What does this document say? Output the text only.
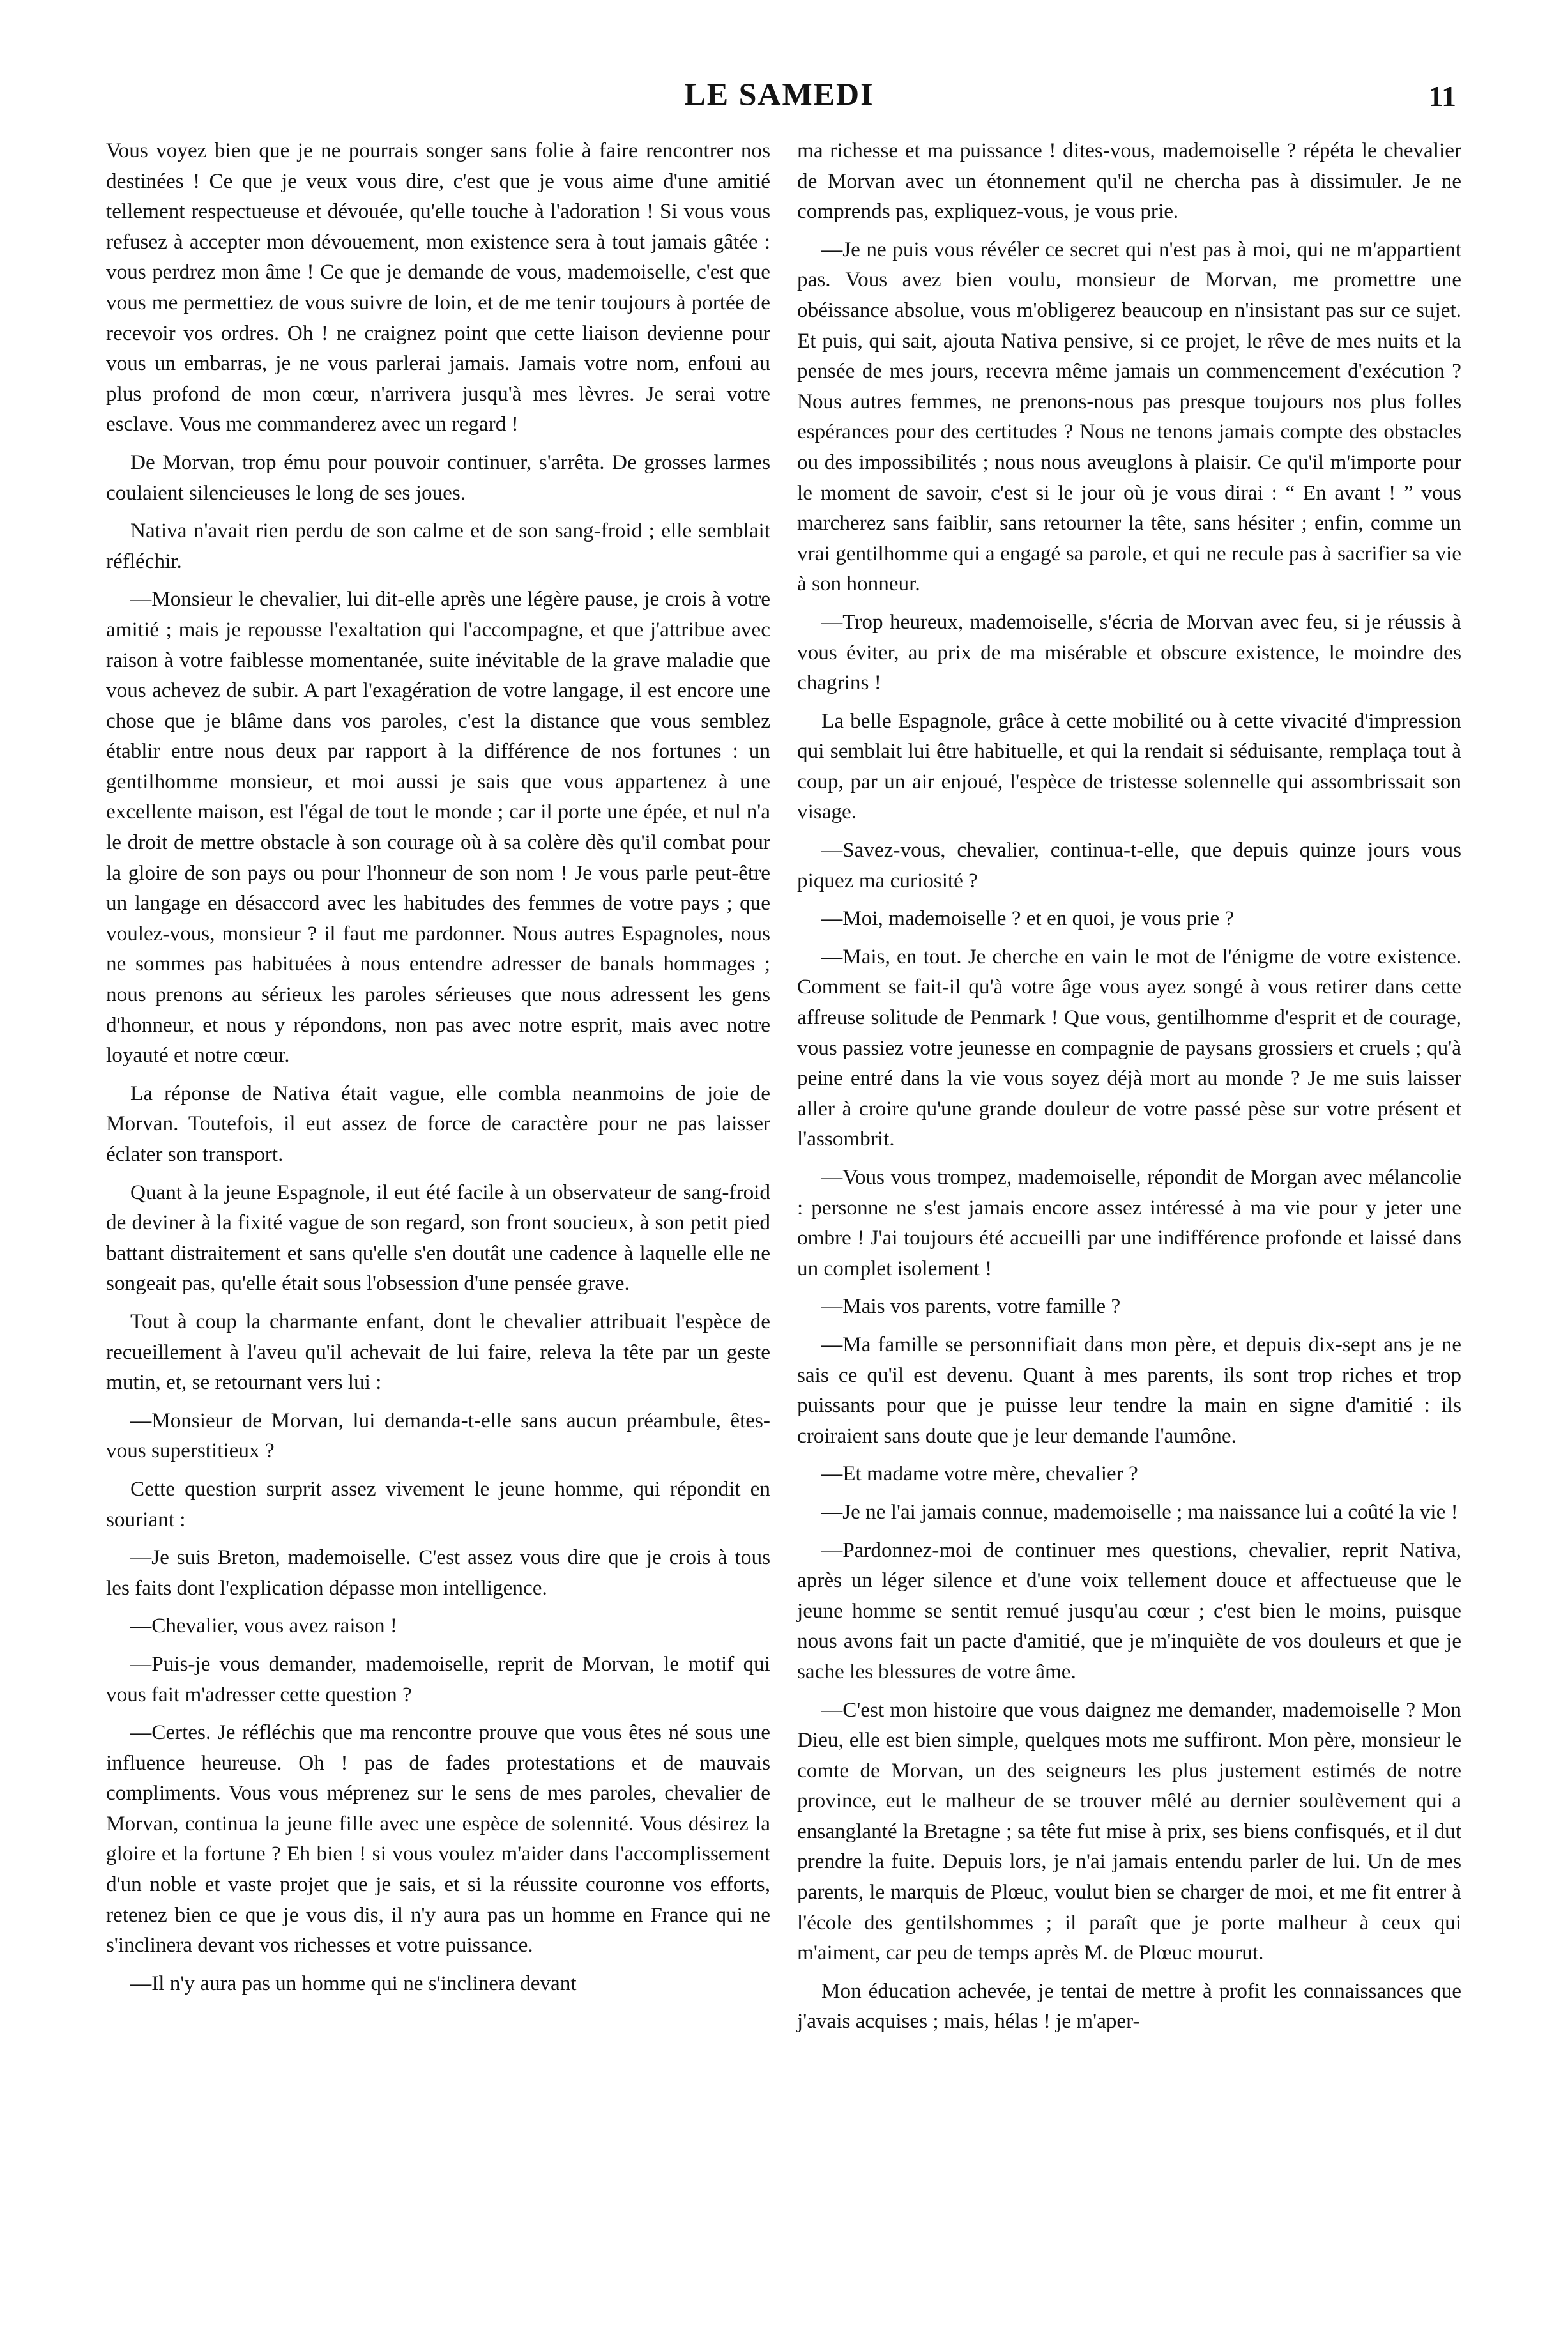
LE SAMEDI	11

Vous voyez bien que je ne pourrais songer sans folie à faire rencontrer nos destinées ! Ce que je veux vous dire, c'est que je vous aime d'une amitié tellement respectueuse et dévouée, qu'elle touche à l'adoration ! Si vous vous refusez à accepter mon dévouement, mon existence sera à tout jamais gâtée : vous perdrez mon âme ! Ce que je demande de vous, mademoiselle, c'est que vous me permettiez de vous suivre de loin, et de me tenir toujours à portée de recevoir vos ordres. Oh ! ne craignez point que cette liaison devienne pour vous un embarras, je ne vous parlerai jamais. Jamais votre nom, enfoui au plus profond de mon cœur, n'arrivera jusqu'à mes lèvres. Je serai votre esclave. Vous me commanderez avec un regard !

De Morvan, trop ému pour pouvoir continuer, s'arrêta. De grosses larmes coulaient silencieuses le long de ses joues.

Nativa n'avait rien perdu de son calme et de son sang-froid ; elle semblait réfléchir.

—Monsieur le chevalier, lui dit-elle après une légère pause, je crois à votre amitié ; mais je repousse l'exaltation qui l'accompagne, et que j'attribue avec raison à votre faiblesse momentanée, suite inévitable de la grave maladie que vous achevez de subir. A part l'exagération de votre langage, il est encore une chose que je blâme dans vos paroles, c'est la distance que vous semblez établir entre nous deux par rapport à la différence de nos fortunes : un gentilhomme monsieur, et moi aussi je sais que vous appartenez à une excellente maison, est l'égal de tout le monde ; car il porte une épée, et nul n'a le droit de mettre obstacle à son courage où à sa colère dès qu'il combat pour la gloire de son pays ou pour l'honneur de son nom ! Je vous parle peut-être un langage en désaccord avec les habitudes des femmes de votre pays ; que voulez-vous, monsieur ? il faut me pardonner. Nous autres Espagnoles, nous ne sommes pas habituées à nous entendre adresser de banals hommages ; nous prenons au sérieux les paroles sérieuses que nous adressent les gens d'honneur, et nous y répondons, non pas avec notre esprit, mais avec notre loyauté et notre cœur.

La réponse de Nativa était vague, elle combla neanmoins de joie de Morvan. Toutefois, il eut assez de force de caractère pour ne pas laisser éclater son transport.

Quant à la jeune Espagnole, il eut été facile à un observateur de sang-froid de deviner à la fixité vague de son regard, son front soucieux, à son petit pied battant distraitement et sans qu'elle s'en doutât une cadence à laquelle elle ne songeait pas, qu'elle était sous l'obsession d'une pensée grave.

Tout à coup la charmante enfant, dont le chevalier attribuait l'espèce de recueillement à l'aveu qu'il achevait de lui faire, releva la tête par un geste mutin, et, se retournant vers lui :

—Monsieur de Morvan, lui demanda-t-elle sans aucun préambule, êtes-vous superstitieux ?

Cette question surprit assez vivement le jeune homme, qui répondit en souriant :

—Je suis Breton, mademoiselle. C'est assez vous dire que je crois à tous les faits dont l'explication dépasse mon intelligence.

—Chevalier, vous avez raison !

—Puis-je vous demander, mademoiselle, reprit de Morvan, le motif qui vous fait m'adresser cette question ?

—Certes. Je réfléchis que ma rencontre prouve que vous êtes né sous une influence heureuse. Oh ! pas de fades protestations et de mauvais compliments. Vous vous méprenez sur le sens de mes paroles, chevalier de Morvan, continua la jeune fille avec une espèce de solennité. Vous désirez la gloire et la fortune ? Eh bien ! si vous voulez m'aider dans l'accomplissement d'un noble et vaste projet que je sais, et si la réussite couronne vos efforts, retenez bien ce que je vous dis, il n'y aura pas un homme en France qui ne s'inclinera devant vos richesses et votre puissance.

—Il n'y aura pas un homme qui ne s'inclinera devant

ma richesse et ma puissance ! dites-vous, mademoiselle ? répéta le chevalier de Morvan avec un étonnement qu'il ne chercha pas à dissimuler. Je ne comprends pas, expliquez-vous, je vous prie.

—Je ne puis vous révéler ce secret qui n'est pas à moi, qui ne m'appartient pas. Vous avez bien voulu, monsieur de Morvan, me promettre une obéissance absolue, vous m'obligerez beaucoup en n'insistant pas sur ce sujet. Et puis, qui sait, ajouta Nativa pensive, si ce projet, le rêve de mes nuits et la pensée de mes jours, recevra même jamais un commencement d'exécution ? Nous autres femmes, ne prenons-nous pas presque toujours nos plus folles espérances pour des certitudes ? Nous ne tenons jamais compte des obstacles ou des impossibilités ; nous nous aveuglons à plaisir. Ce qu'il m'importe pour le moment de savoir, c'est si le jour où je vous dirai : “ En avant ! ” vous marcherez sans faiblir, sans retourner la tête, sans hésiter ; enfin, comme un vrai gentilhomme qui a engagé sa parole, et qui ne recule pas à sacrifier sa vie à son honneur.

—Trop heureux, mademoiselle, s'écria de Morvan avec feu, si je réussis à vous éviter, au prix de ma misérable et obscure existence, le moindre des chagrins !

La belle Espagnole, grâce à cette mobilité ou à cette vivacité d'impression qui semblait lui être habituelle, et qui la rendait si séduisante, remplaça tout à coup, par un air enjoué, l'espèce de tristesse solennelle qui assombrissait son visage.

—Savez-vous, chevalier, continua-t-elle, que depuis quinze jours vous piquez ma curiosité ?

—Moi, mademoiselle ? et en quoi, je vous prie ?

—Mais, en tout. Je cherche en vain le mot de l'énigme de votre existence. Comment se fait-il qu'à votre âge vous ayez songé à vous retirer dans cette affreuse solitude de Penmark ! Que vous, gentilhomme d'esprit et de courage, vous passiez votre jeunesse en compagnie de paysans grossiers et cruels ; qu'à peine entré dans la vie vous soyez déjà mort au monde ? Je me suis laisser aller à croire qu'une grande douleur de votre passé pèse sur votre présent et l'assombrit.

—Vous vous trompez, mademoiselle, répondit de Morgan avec mélancolie : personne ne s'est jamais encore assez intéressé à ma vie pour y jeter une ombre ! J'ai toujours été accueilli par une indifférence profonde et laissé dans un complet isolement !

—Mais vos parents, votre famille ?

—Ma famille se personnifiait dans mon père, et depuis dix-sept ans je ne sais ce qu'il est devenu. Quant à mes parents, ils sont trop riches et trop puissants pour que je puisse leur tendre la main en signe d'amitié : ils croiraient sans doute que je leur demande l'aumône.

—Et madame votre mère, chevalier ?

—Je ne l'ai jamais connue, mademoiselle ; ma naissance lui a coûté la vie !

—Pardonnez-moi de continuer mes questions, chevalier, reprit Nativa, après un léger silence et d'une voix tellement douce et affectueuse que le jeune homme se sentit remué jusqu'au cœur ; c'est bien le moins, puisque nous avons fait un pacte d'amitié, que je m'inquiète de vos douleurs et que je sache les blessures de votre âme.

—C'est mon histoire que vous daignez me demander, mademoiselle ? Mon Dieu, elle est bien simple, quelques mots me suffiront. Mon père, monsieur le comte de Morvan, un des seigneurs les plus justement estimés de notre province, eut le malheur de se trouver mêlé au dernier soulèvement qui a ensanglanté la Bretagne ; sa tête fut mise à prix, ses biens confisqués, et il dut prendre la fuite. Depuis lors, je n'ai jamais entendu parler de lui. Un de mes parents, le marquis de Plœuc, voulut bien se charger de moi, et me fit entrer à l'école des gentilshommes ; il paraît que je porte malheur à ceux qui m'aiment, car peu de temps après M. de Plœuc mourut.

Mon éducation achevée, je tentai de mettre à profit les connaissances que j'avais acquises ; mais, hélas ! je m'aper-
